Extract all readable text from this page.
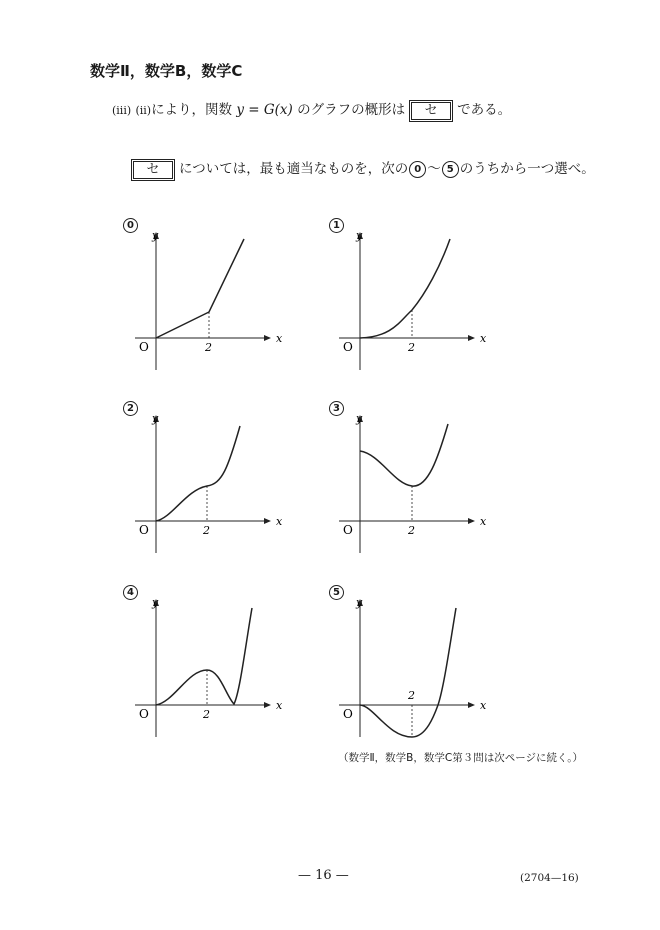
数学Ⅱ，数学B，数学C
(iii) (ii)により，関数 y = G(x) のグラフの概形は セ である。
セ については，最も適当なものを，次の 0 ～ 5 のうちから一つ選べ。
0
x
y
O	2
1
x
y
O	2
2
x
y
O	2
3
x
y
O	2
4
x
y
O	2
5
x
y
O
2
（数学Ⅱ，数学B，数学C第３問は次ページに続く。）
— 16 —	(2704—16)
